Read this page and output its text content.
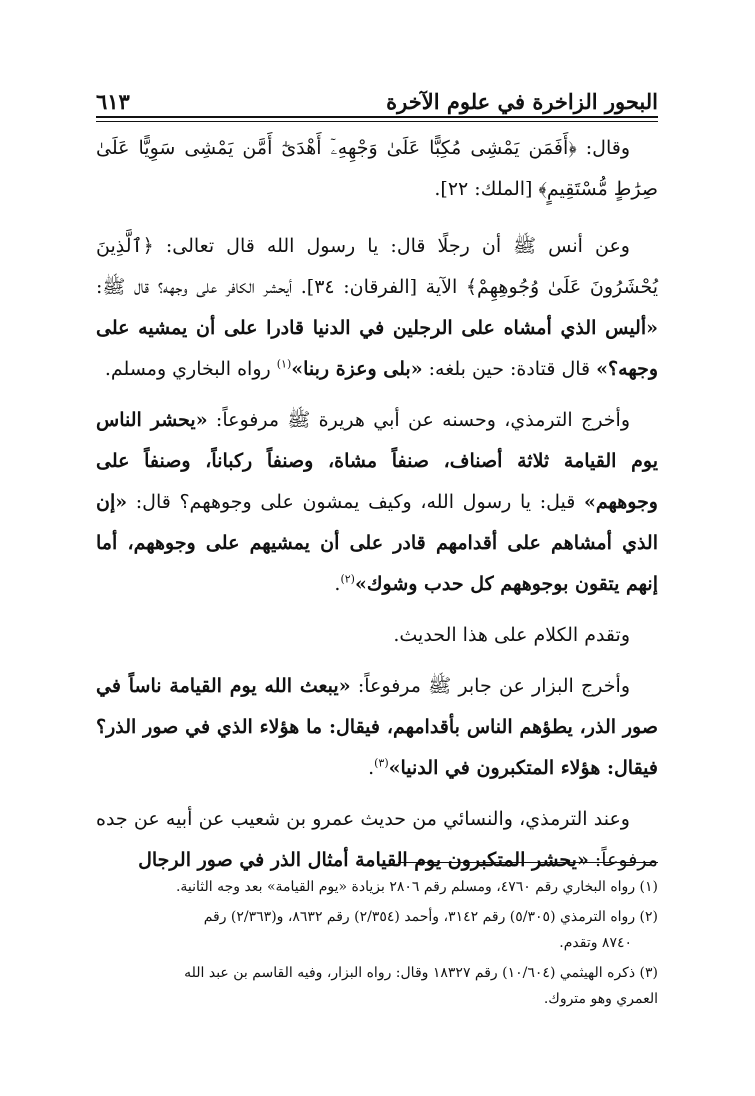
البحور الزاخرة في علوم الآخرة
٦١٣

وقال: ﴿أَفَمَن يَمْشِى مُكِبًّا عَلَىٰ وَجْهِهِۦٓ أَهْدَىٰٓ أَمَّن يَمْشِى سَوِيًّا عَلَىٰ صِرَٰطٍ مُّسْتَقِيمٍ﴾ [الملك: ٢٢].

وعن أنس ﷺ أن رجلًا قال: يا رسول الله قال تعالى: ﴿ٱلَّذِينَ يُحْشَرُونَ عَلَىٰ وُجُوهِهِمْ﴾ الآية [الفرقان: ٣٤]. أيحشر الكافر على وجهه؟ قال ﷺ: «أليس الذي أمشاه على الرجلين في الدنيا قادرا على أن يمشيه على وجهه؟» قال قتادة: حين بلغه: «بلى وعزة ربنا»$^{(١)}$ رواه البخاري ومسلم.

وأخرج الترمذي، وحسنه عن أبي هريرة ﷺ مرفوعاً: «يحشر الناس يوم القيامة ثلاثة أصناف، صنفاً مشاة، وصنفاً ركباناً، وصنفاً على وجوههم» قيل: يا رسول الله، وكيف يمشون على وجوههم؟ قال: «إن الذي أمشاهم على أقدامهم قادر على أن يمشيهم على وجوههم، أما إنهم يتقون بوجوههم كل حدب وشوك»$^{(٢)}$.

وتقدم الكلام على هذا الحديث.

وأخرج البزار عن جابر ﷺ مرفوعاً: «يبعث الله يوم القيامة ناساً في صور الذر، يطؤهم الناس بأقدامهم، فيقال: ما هؤلاء الذي في صور الذر؟ فيقال: هؤلاء المتكبرون في الدنيا»$^{(٣)}$.

وعند الترمذي، والنسائي من حديث عمرو بن شعيب عن أبيه عن جده مرفوعاً: «يحشر المتكبرون يوم القيامة أمثال الذر في صور الرجال

(١) رواه البخاري رقم ٤٧٦٠، ومسلم رقم ٢٨٠٦ بزيادة «يوم القيامة» بعد وجه الثانية.

(٢) رواه الترمذي (٥/٣٠٥) رقم ٣١٤٢، وأحمد (٢/٣٥٤) رقم ٨٦٣٢، و(٢/٣٦٣) رقم
٨٧٤٠ وتقدم.

(٣) ذكره الهيثمي (١٠/٦٠٤) رقم ١٨٣٢٧ وقال: رواه البزار، وفيه القاسم بن عبد الله
العمري وهو متروك.
